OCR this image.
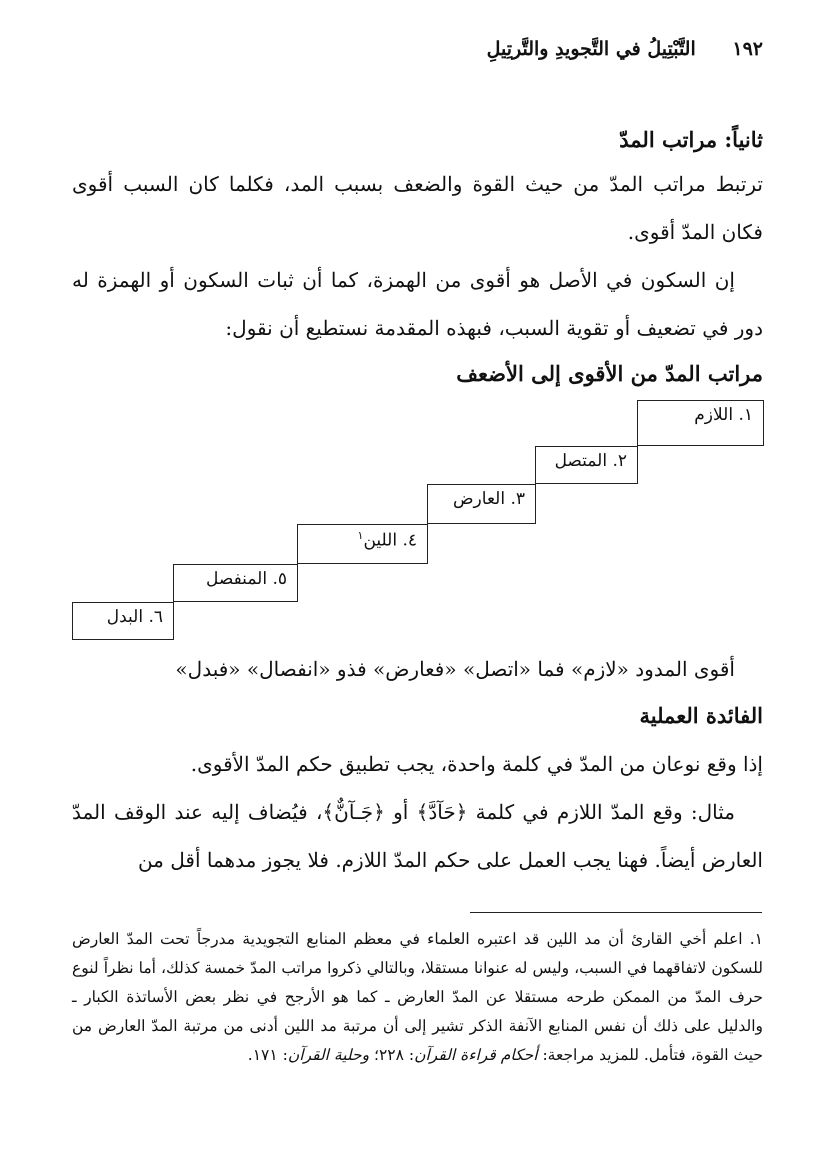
١٩٢ التَّبْتِيلُ في التَّجويدِ والتَّرتِيلِ
ثانياً: مراتب المدّ
ترتبط مراتب المدّ من حيث القوة والضعف بسبب المد، فكلما كان السبب أقوى فكان المدّ أقوى.
إن السكون في الأصل هو أقوى من الهمزة، كما أن ثبات السكون أو الهمزة له دور في تضعيف أو تقوية السبب، فبهذه المقدمة نستطيع أن نقول:
مراتب المدّ من الأقوى إلى الأضعف
١. اللازم
٢. المتصل
٣. العارض
٤. اللين$^١$
٥. المنفصل
٦. البدل
أقوى المدود «لازم» فما «اتصل» «فعارض» فذو «انفصال» «فبدل»
الفائدة العملية
إذا وقع نوعان من المدّ في كلمة واحدة، يجب تطبيق حكم المدّ الأقوى.
مثال: وقع المدّ اللازم في كلمة ﴿حَآدَّ﴾ أو ﴿جَـآنٌّ﴾، فيُضاف إليه عند الوقف المدّ العارض أيضاً. فهنا يجب العمل على حكم المدّ اللازم. فلا يجوز مدهما أقل من
١. اعلم أخي القارئ أن مد اللين قد اعتبره العلماء في معظم المنابع التجويدية مدرجاً تحت المدّ العارض للسكون لاتفاقهما في السبب، وليس له عنوانا مستقلا، وبالتالي ذكروا مراتب المدّ خمسة كذلك، أما نظراً لنوع حرف المدّ من الممكن طرحه مستقلا عن المدّ العارض ـ كما هو الأرجح في نظر بعض الأساتذة الكبار ـ والدليل على ذلك أن نفس المنابع الآنفة الذكر تشير إلى أن مرتبة مد اللين أدنى من مرتبة المدّ العارض من حيث القوة، فتأمل. للمزيد مراجعة: أحكام قراءة القرآن: ٢٢٨؛ وحلية القرآن: ١٧١.
